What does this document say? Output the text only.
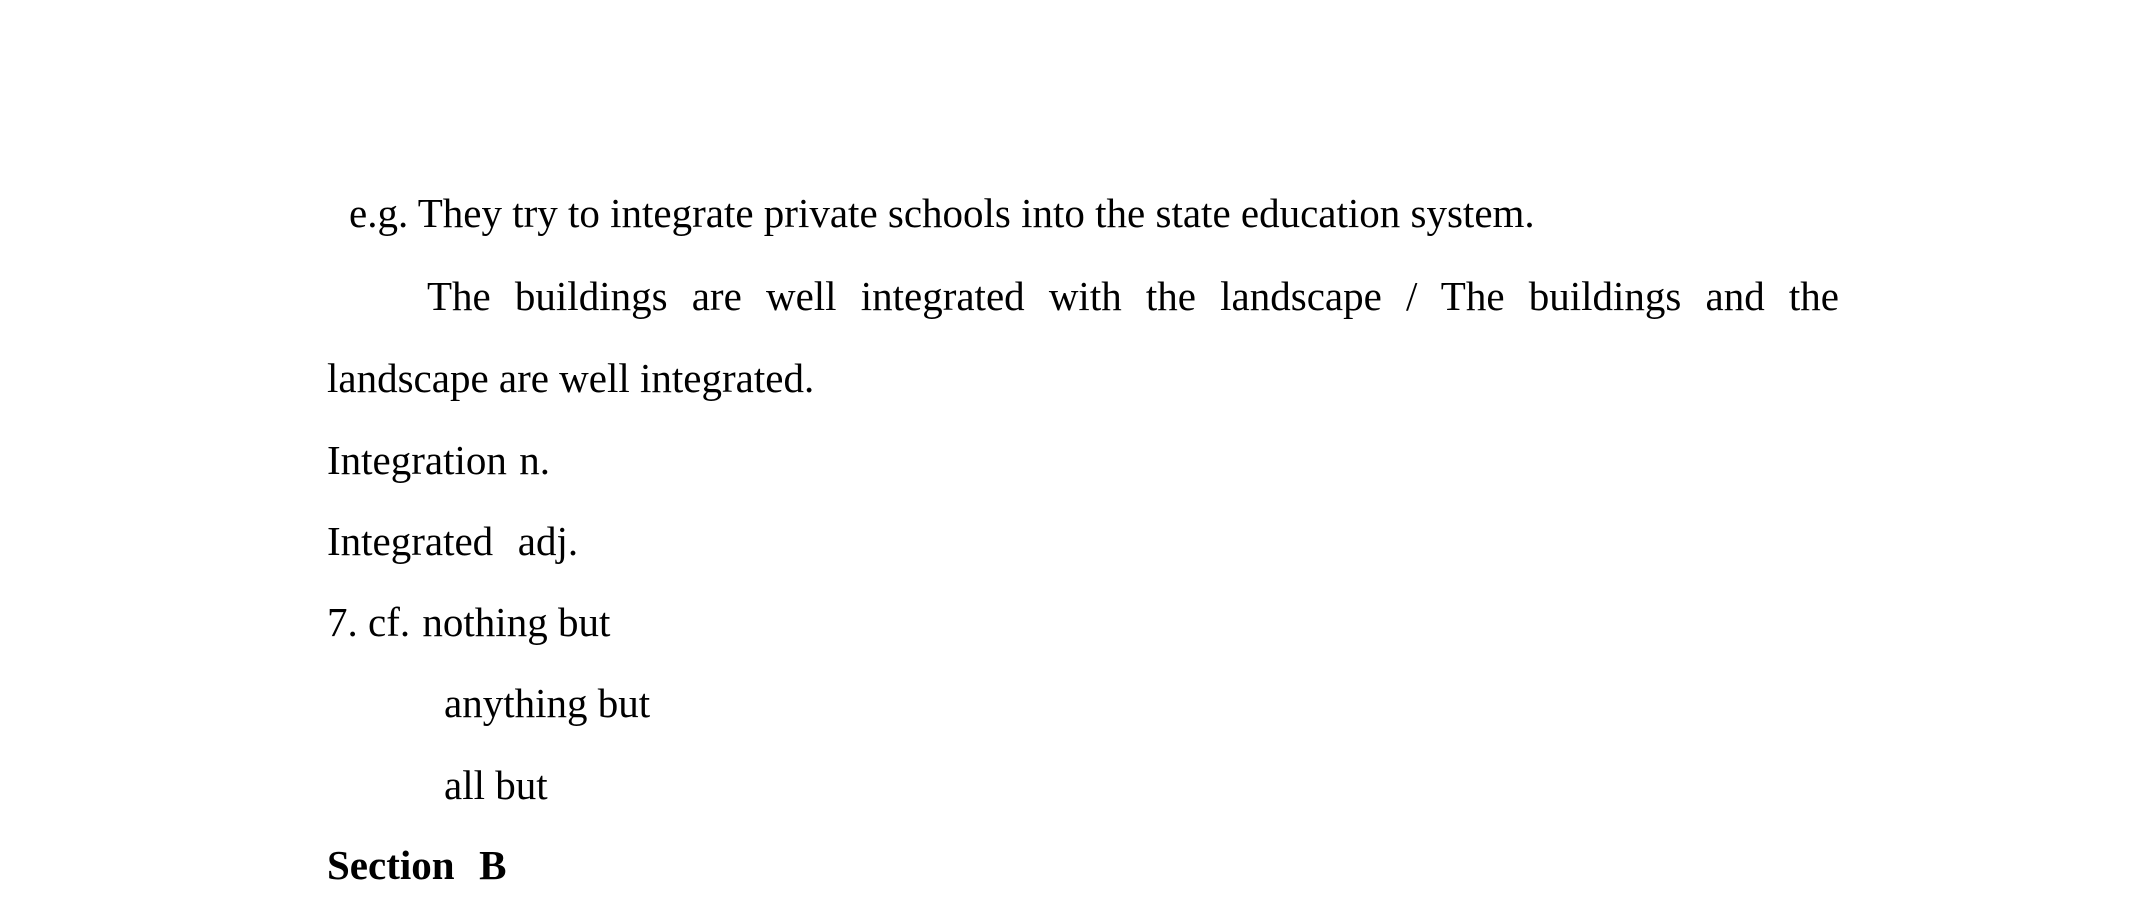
e.g. They try to integrate private schools into the state education system.
The buildings are well integrated with the landscape / The buildings and the
landscape are well integrated.
Integration n.
Integrated adj.
7. cf. nothing but
anything but
all but
Section B
